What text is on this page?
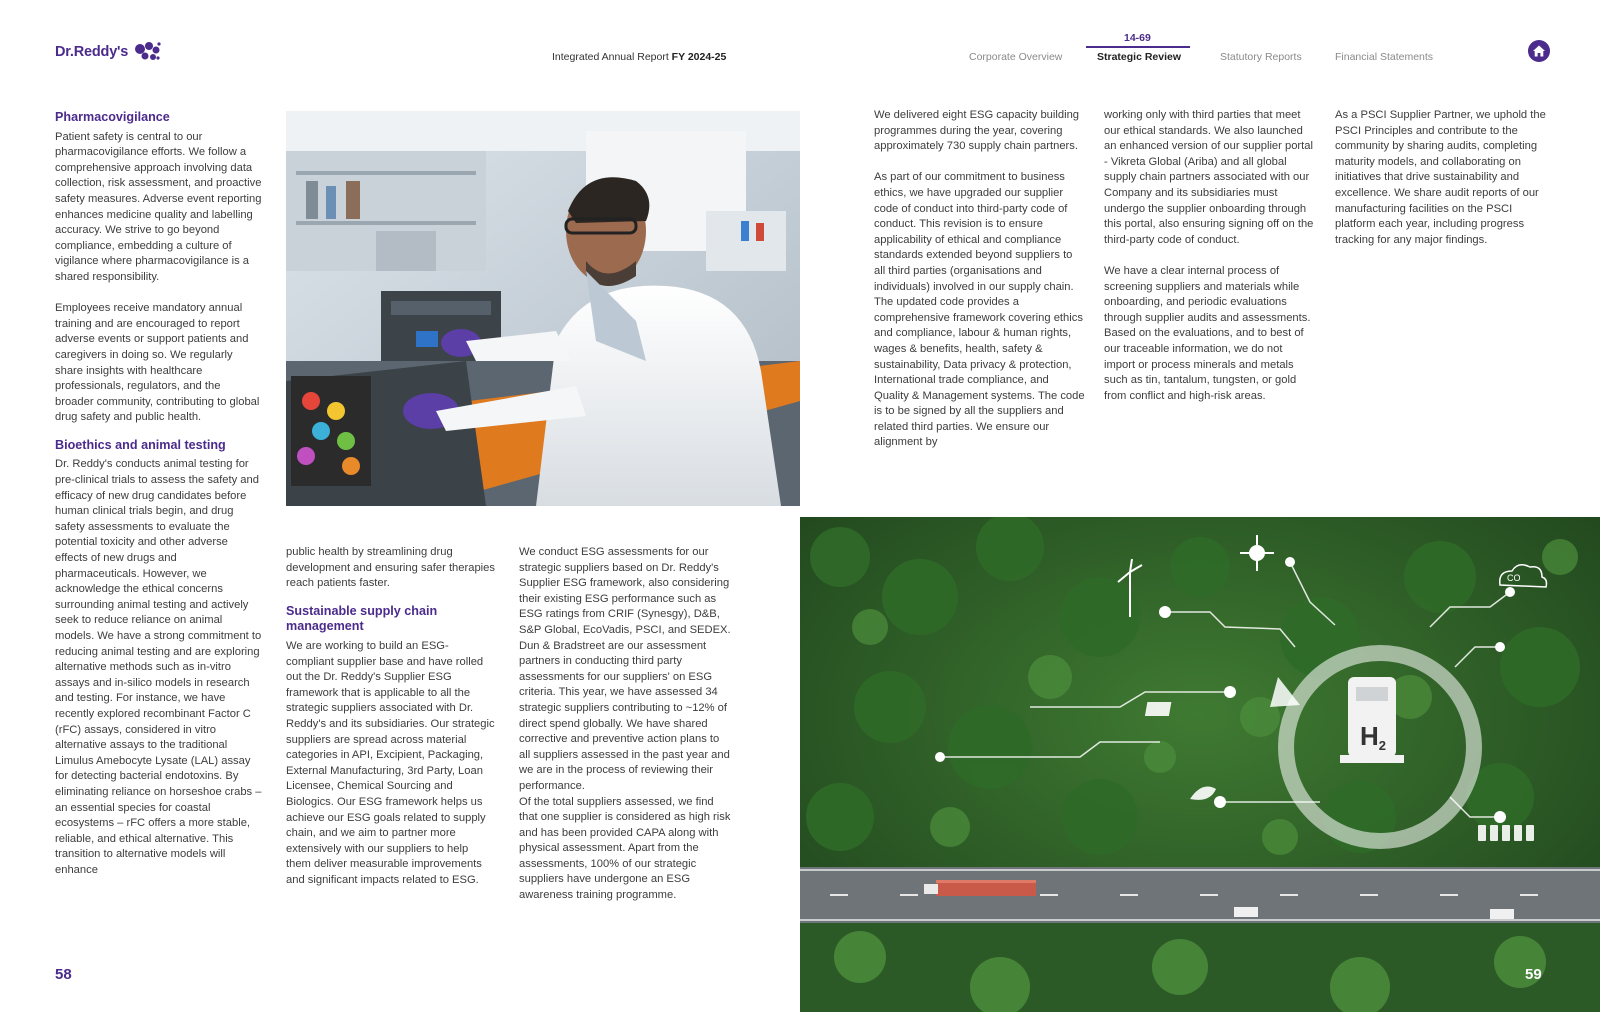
Dr.Reddy's	Integrated Annual Report FY 2024-25
14-69
Corporate Overview	Strategic Review	Statutory Reports	Financial Statements
Pharmacovigilance

Patient safety is central to our pharmacovigilance efforts. We follow a comprehensive approach involving data collection, risk assessment, and proactive safety measures. Adverse event reporting enhances medicine quality and labelling accuracy. We strive to go beyond compliance, embedding a culture of vigilance where pharmacovigilance is a shared responsibility.

Employees receive mandatory annual training and are encouraged to report adverse events or support patients and caregivers in doing so. We regularly share insights with healthcare professionals, regulators, and the broader community, contributing to global drug safety and public health.

Bioethics and animal testing

Dr. Reddy's conducts animal testing for pre-clinical trials to assess the safety and efficacy of new drug candidates before human clinical trials begin, and drug safety assessments to evaluate the potential toxicity and other adverse effects of new drugs and pharmaceuticals. However, we acknowledge the ethical concerns surrounding animal testing and actively seek to reduce reliance on animal models. We have a strong commitment to reducing animal testing and are exploring alternative methods such as in-vitro assays and in-silico models in research and testing. For instance, we have recently explored recombinant Factor C (rFC) assays, considered in vitro alternative assays to the traditional Limulus Amebocyte Lysate (LAL) assay for detecting bacterial endotoxins. By eliminating reliance on horseshoe crabs – an essential species for coastal ecosystems – rFC offers a more stable, reliable, and ethical alternative. This transition to alternative models will enhance

public health by streamlining drug development and ensuring safer therapies reach patients faster.

Sustainable supply chain management

We are working to build an ESG-compliant supplier base and have rolled out the Dr. Reddy's Supplier ESG framework that is applicable to all the strategic suppliers associated with Dr. Reddy's and its subsidiaries. Our strategic suppliers are spread across material categories in API, Excipient, Packaging, External Manufacturing, 3rd Party, Loan Licensee, Chemical Sourcing and Biologics. Our ESG framework helps us achieve our ESG goals related to supply chain, and we aim to partner more extensively with our suppliers to help them deliver measurable improvements and significant impacts related to ESG.

We conduct ESG assessments for our strategic suppliers based on Dr. Reddy's Supplier ESG framework, also considering their existing ESG performance such as ESG ratings from CRIF (Synesgy), D&B, S&P Global, EcoVadis, PSCI, and SEDEX. Dun & Bradstreet are our assessment partners in conducting third party assessments for our suppliers' on ESG criteria. This year, we have assessed 34 strategic suppliers contributing to ~12% of direct spend globally. We have shared corrective and preventive action plans to all suppliers assessed in the past year and we are in the process of reviewing their performance.

Of the total suppliers assessed, we find that one supplier is considered as high risk and has been provided CAPA along with physical assessment. Apart from the assessments, 100% of our strategic suppliers have undergone an ESG awareness training programme.

58

We delivered eight ESG capacity building programmes during the year, covering approximately 730 supply chain partners.

As part of our commitment to business ethics, we have upgraded our supplier code of conduct into third-party code of conduct. This revision is to ensure applicability of ethical and compliance standards extended beyond suppliers to all third parties (organisations and individuals) involved in our supply chain. The updated code provides a comprehensive framework covering ethics and compliance, labour & human rights, wages & benefits, health, safety & sustainability, Data privacy & protection, International trade compliance, and Quality & Management systems. The code is to be signed by all the suppliers and related third parties. We ensure our alignment by

working only with third parties that meet our ethical standards. We also launched an enhanced version of our supplier portal - Vikreta Global (Ariba) and all global supply chain partners associated with our Company and its subsidiaries must undergo the supplier onboarding through this portal, also ensuring signing off on the third-party code of conduct.

We have a clear internal process of screening suppliers and materials while onboarding, and periodic evaluations through supplier audits and assessments. Based on the evaluations, and to best of our traceable information, we do not import or process minerals and metals such as tin, tantalum, tungsten, or gold from conflict and high-risk areas.

As a PSCI Supplier Partner, we uphold the PSCI Principles and contribute to the community by sharing audits, completing maturity models, and collaborating on initiatives that drive sustainability and excellence. We share audit reports of our manufacturing facilities on the PSCI platform each year, including progress tracking for any major findings.

H2
CO
59
